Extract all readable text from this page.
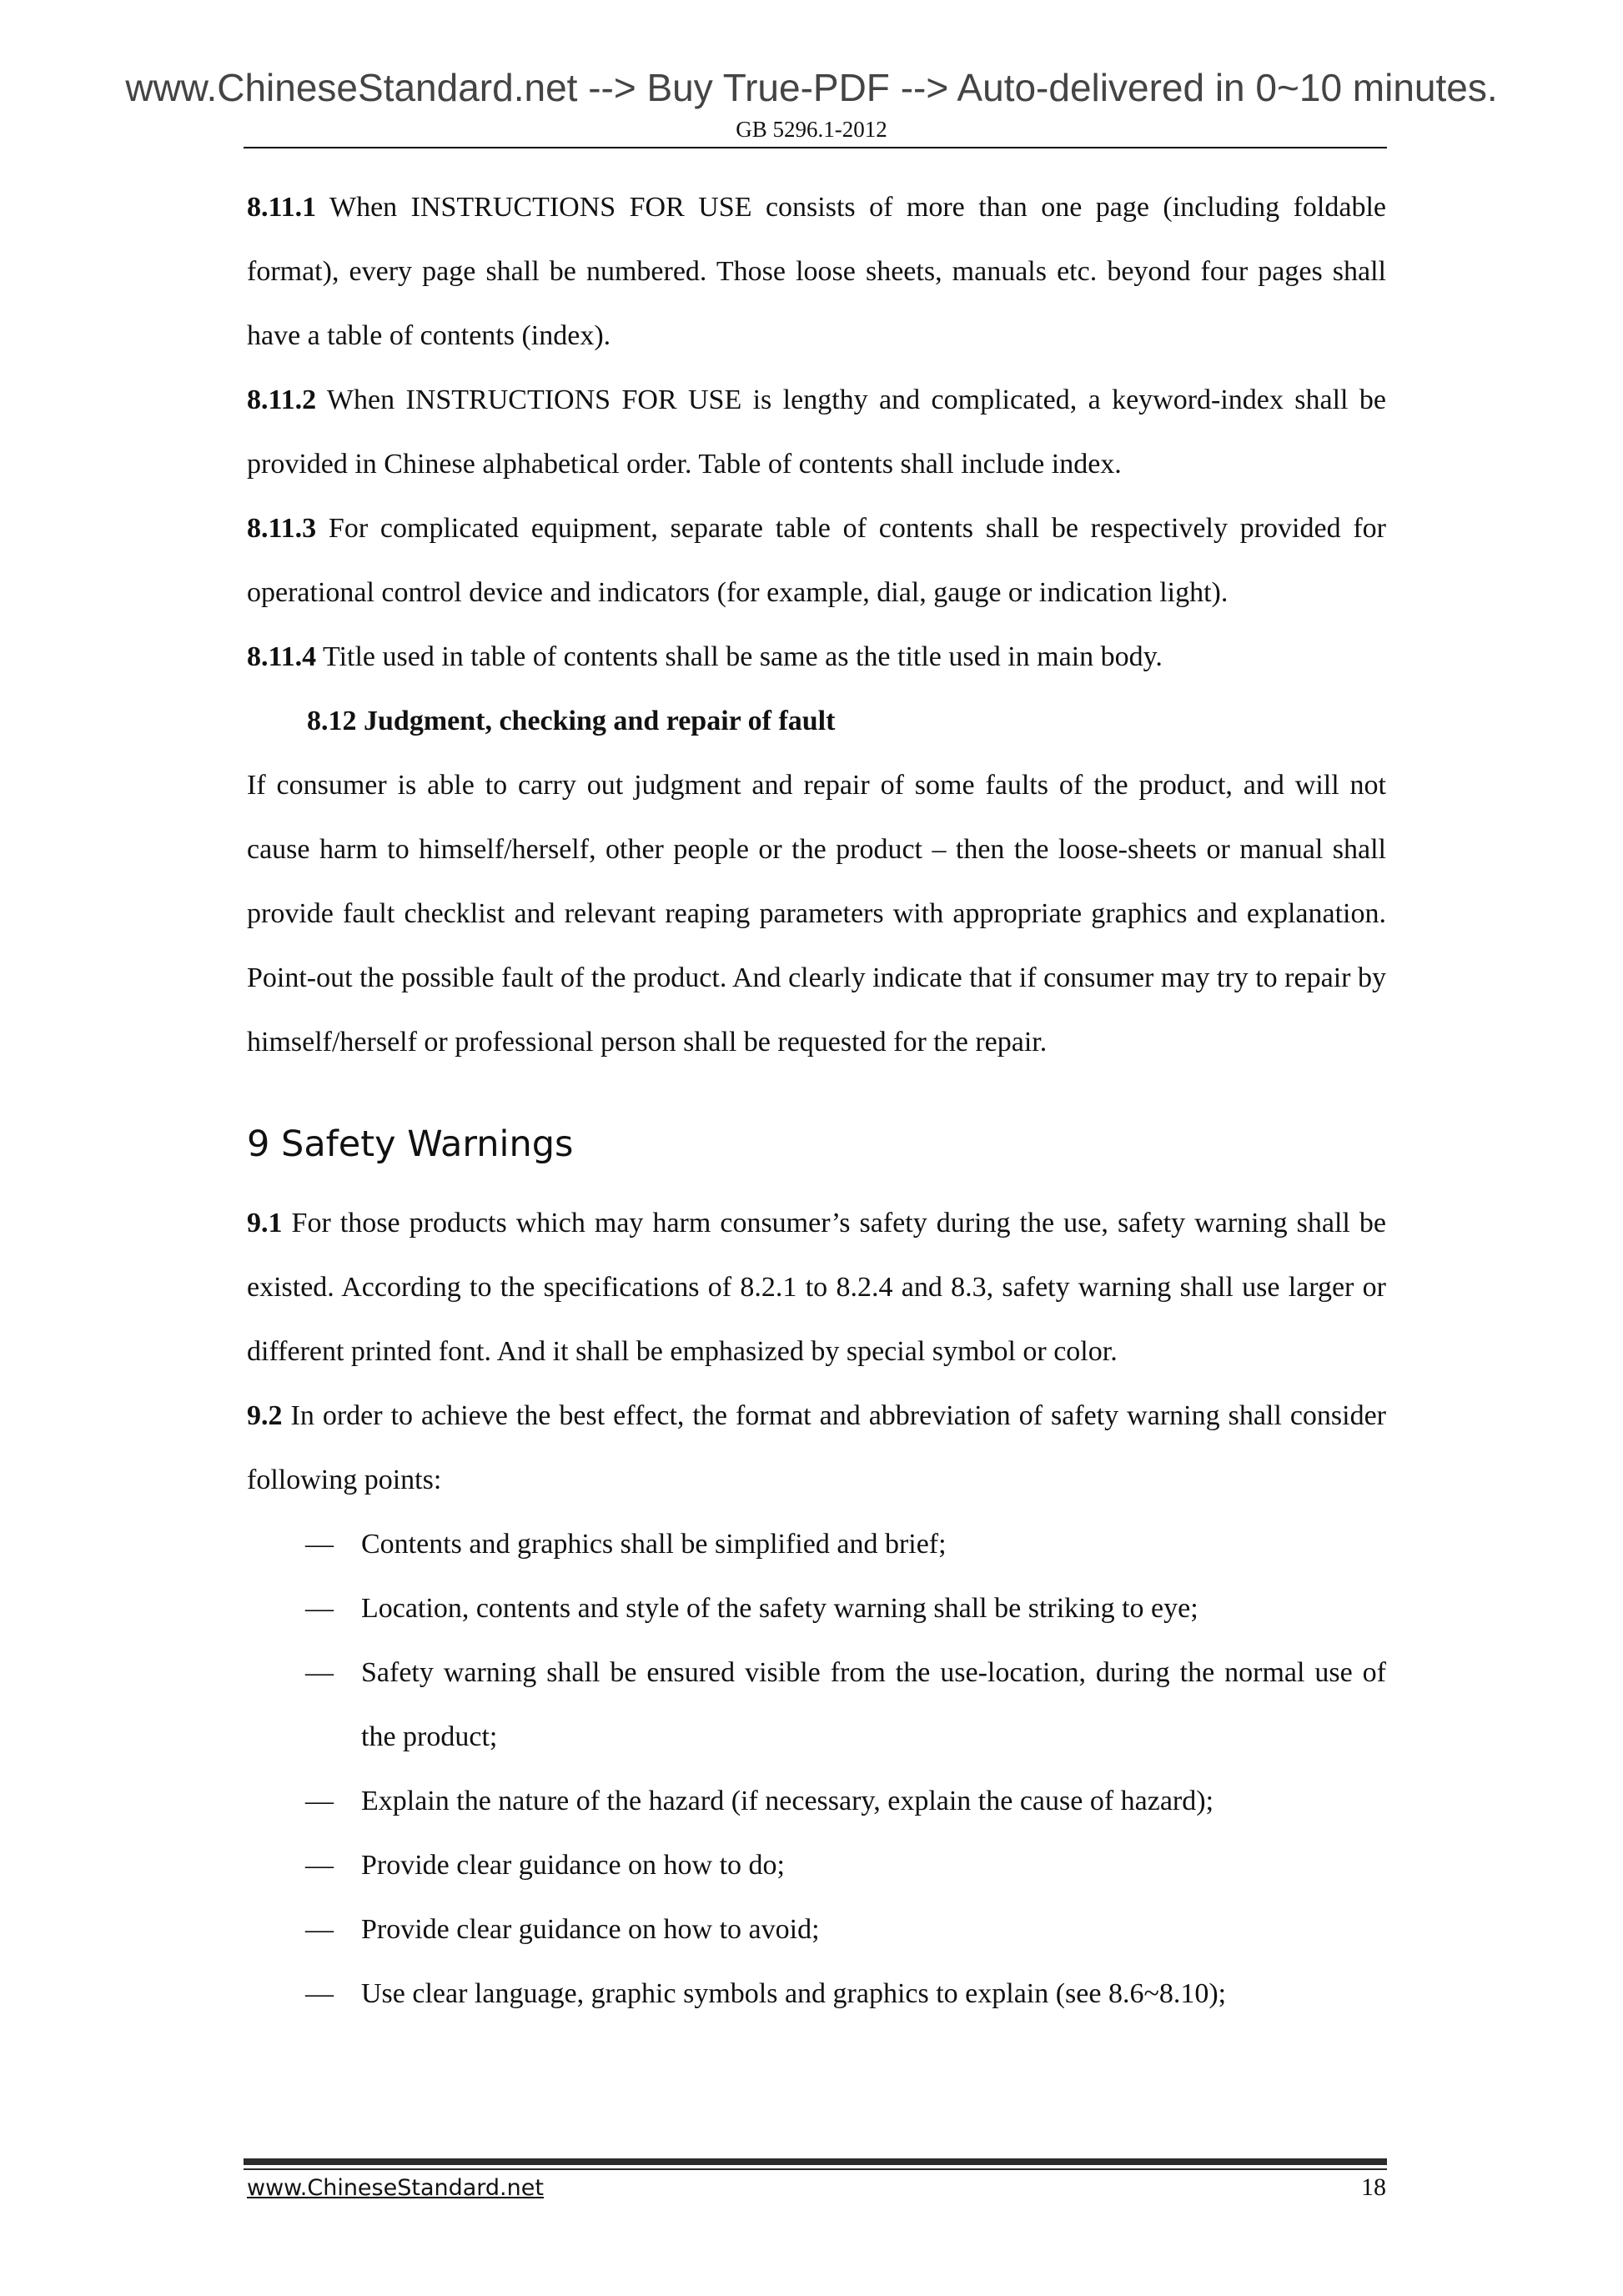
www.ChineseStandard.net --> Buy True-PDF --> Auto-delivered in 0~10 minutes.
GB 5296.1-2012

8.11.1 When INSTRUCTIONS FOR USE consists of more than one page (including foldable format), every page shall be numbered. Those loose sheets, manuals etc. beyond four pages shall have a table of contents (index).

8.11.2 When INSTRUCTIONS FOR USE is lengthy and complicated, a keyword-index shall be provided in Chinese alphabetical order. Table of contents shall include index.

8.11.3 For complicated equipment, separate table of contents shall be respectively provided for operational control device and indicators (for example, dial, gauge or indication light).

8.11.4 Title used in table of contents shall be same as the title used in main body.

8.12 Judgment, checking and repair of fault

If consumer is able to carry out judgment and repair of some faults of the product, and will not cause harm to himself/herself, other people or the product – then the loose-sheets or manual shall provide fault checklist and relevant reaping parameters with appropriate graphics and explanation. Point-out the possible fault of the product. And clearly indicate that if consumer may try to repair by himself/herself or professional person shall be requested for the repair.

9 Safety Warnings

9.1 For those products which may harm consumer’s safety during the use, safety warning shall be existed. According to the specifications of 8.2.1 to 8.2.4 and 8.3, safety warning shall use larger or different printed font. And it shall be emphasized by special symbol or color.

9.2 In order to achieve the best effect, the format and abbreviation of safety warning shall consider following points:

— Contents and graphics shall be simplified and brief;
— Location, contents and style of the safety warning shall be striking to eye;
— Safety warning shall be ensured visible from the use-location, during the normal use of the product;
— Explain the nature of the hazard (if necessary, explain the cause of hazard);
— Provide clear guidance on how to do;
— Provide clear guidance on how to avoid;
— Use clear language, graphic symbols and graphics to explain (see 8.6~8.10);
www.ChineseStandard.net	18
